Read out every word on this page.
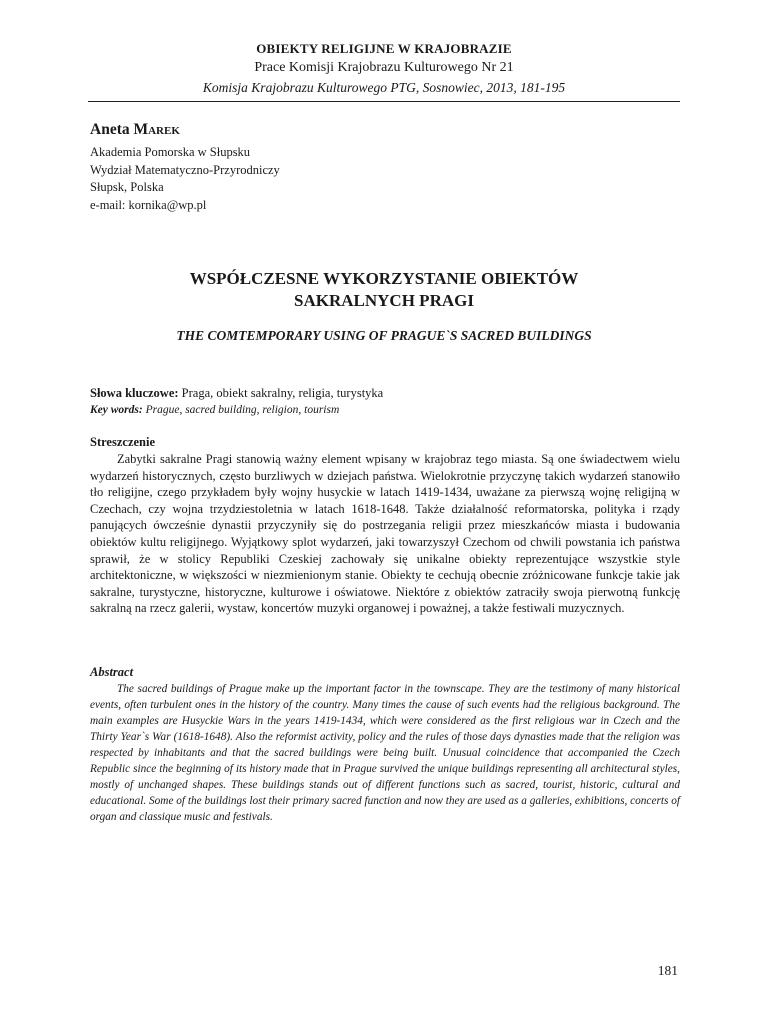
OBIEKTY RELIGIJNE W KRAJOBRAZIE
Prace Komisji Krajobrazu Kulturowego Nr 21
Komisja Krajobrazu Kulturowego PTG, Sosnowiec, 2013, 181-195
Aneta Marek
Akademia Pomorska w Słupsku
Wydział Matematyczno-Przyrodniczy
Słupsk, Polska
e-mail: kornika@wp.pl
WSPÓŁCZESNE WYKORZYSTANIE OBIEKTÓW
SAKRALNYCH PRAGI
THE COMTEMPORARY USING OF PRAGUE`S SACRED BUILDINGS
Słowa kluczowe: Praga, obiekt sakralny, religia, turystyka
Key words: Prague, sacred building, religion, tourism
Streszczenie

Zabytki sakralne Pragi stanowią ważny element wpisany w krajobraz tego miasta. Są one świadectwem wielu wydarzeń historycznych, często burzliwych w dziejach państwa. Wielokrotnie przyczynę takich wydarzeń stanowiło tło religijne, czego przykładem były wojny husyckie w latach 1419-1434, uważane za pierwszą wojnę religijną w Czechach, czy wojna trzydziestoletnia w latach 1618-1648. Także działalność reformatorska, polityka i rządy panujących ówcześnie dynastii przyczyniły się do postrzegania religii przez mieszkańców miasta i budowania obiektów kultu religijnego. Wyjątkowy splot wydarzeń, jaki towarzyszył Czechom od chwili powstania ich państwa sprawił, że w stolicy Republiki Czeskiej zachowały się unikalne obiekty reprezentujące wszystkie style architektoniczne, w większości w niezmienionym stanie. Obiekty te cechują obecnie zróżnicowane funkcje takie jak sakralne, turystyczne, historyczne, kulturowe i oświatowe. Niektóre z obiektów zatraciły swoja pierwotną funkcję sakralną na rzecz galerii, wystaw, koncertów muzyki organowej i poważnej, a także festiwali muzycznych.

Abstract

The sacred buildings of Prague make up the important factor in the townscape. They are the testimony of many historical events, often turbulent ones in the history of the country. Many times the cause of such events had the religious background. The main examples are Husyckie Wars in the years 1419-1434, which were considered as the first religious war in Czech and the Thirty Year`s War (1618-1648). Also the reformist activity, policy and the rules of those days dynasties made that the religion was respected by inhabitants and that the sacred buildings were being built. Unusual coincidence that accompanied the Czech Republic since the beginning of its history made that in Prague survived the unique buildings representing all architectural styles, mostly of unchanged shapes. These buildings stands out of different functions such as sacred, tourist, historic, cultural and educational. Some of the buildings lost their primary sacred function and now they are used as a galleries, exhibitions, concerts of organ and classique music and festivals.

181
